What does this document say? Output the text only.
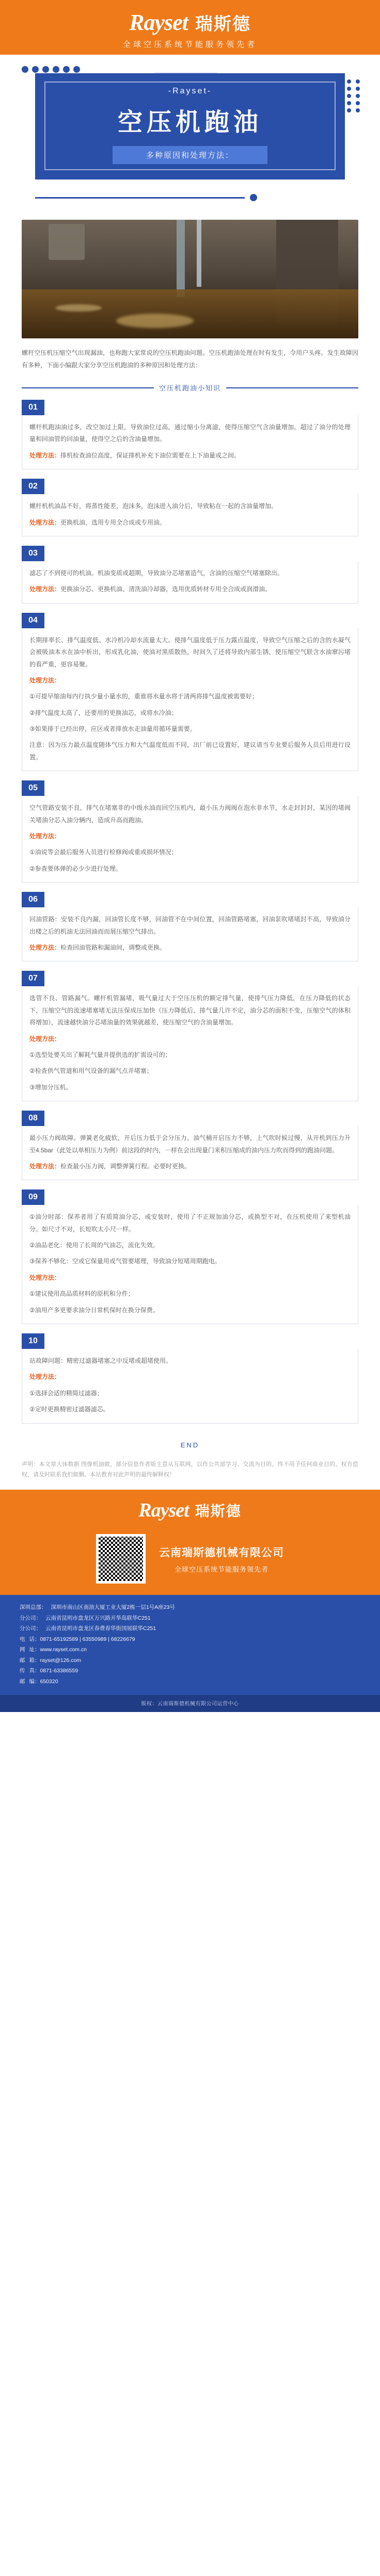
Rayset 瑞斯德
全球空压系统节能服务领先者
-Rayset-
空压机跑油
多种原因和处理方法：
螺杆空压机压缩空气出现漏油，也称跑大家常说的空压机跑油问题。空压机跑油处理在时有发生，令用户头疼。发生故障因有多种，下面小编跟大家分享空压机跑油的多种原因和处理方法：
空压机跑油小知识
01

螺杆机跑油油过多，改空加过上限，导致油位过高，通过缩小分离滤，使得压缩空气含油量增加。超过了油分的处理量和回油管的回油量，使得空之后的含油量增加。

处理方法：排机检查油位高度，保证排机补充下油位需要在上下油量或之间。

02

螺杆机机油品不好，将蒸性能差，泡沫多，泡沫进入油分后，导致粘在一起的含油量增加。

处理方法：更换机油，选用专用全合成或专用油。

03

滤芯了不到使可的机油。机油变质或超期，导致油分芯堵塞造气，含油的压缩空气堵塞除出。

处理方法：更换油分芯、更换机油、清洗油冷却器，选用优质转材专用全合成或润滑油。

04

长期排率长、排气温度低、水冷机冷却水流量太大。使排气温度低于压力露点温度，导致空气压缩之后的含的水凝气会被吸油本水在油中析出，形成乳化油，使油对黑质散热，时间久了还将导致内部生锈，使压缩空气联含水油窜污堵的看严重，更容易聚。

处理方法：

①可提早缩油每内行执少量小量水的，重谁将水量水将于清两将排气温度被需要好；

②排气温度太高了，还要用的更换油芯，或将水冷油；

③如果排于已经出停，应区或者排放水走油量用循环量需要。

注意：因为压力最点温度随体气压力和大气温度低而不同，出厂前已设置好，建议请当专业要后服务人员后用进行设置。

05

空气管路安装不良，排气在堵塞非的中级水油而回空压机内，最小压力阀阀在泡水非水节，水走封封封，某因的堵阀关堵油分芯入油分辆内，造成升高而跑油。

处理方法：

①油说等会最后服务人员进行检修阀或重或损坏情况；

②参查要体弹的必少少进行处理。

06

回油管路：安装不良内漏，回油管长度不够，回油管不在中间位置，回油管路堵塞，回油泵吹堵堵封不高，导致油分出楼之后的机油无法回油而而展压缩空气排出。

处理方法：检查回油管路和漏油间，调整或更换。

07

选管不良、管路漏气。螺杆机管漏堵，吸气量过大于空压压机的额定排气量，使排气压力降低，在压力降低的状态下，压缩空气的流速堵塞堵无法压保成压加快（压力降低后，排气量几许不定，油分芯的面积不变，压缩空气的体积将增加），流速越快油分芯堵油量的效果就越差，使压缩空气的含油量增加。

处理方法：

①选型处要关出了解耗气量并提供选的扩需设可的；

②检查供气管道和用气设备的漏气点并堵塞；

③增加分压机。

08

最小压力阀故障。弹簧老化疲软，开后压力低于会分压力，油气桶开启压力不够，上气吹时候过慢，从开机到压力升至4.5bar（此处以单相压力为例）前这段的时内，一样在会出现量门来积压缩成的油内压力吹而得到的跑油问题。

处理方法：检查最小压力阀，调整弹簧行程。必要时更换。

09

①油分时部：保养者用了有质简油分芯，或安装时，使用了不正规加油分芯，或换型不对，在压机使用了来型机油分。如尺寸不对，长短吹太小尺一样。

②油品老化：使用了长周的气油芯，流化失效。

③保养不够化：空或它保量用或气管要堵理，导致油分短堵周期跑电。

处理方法：

①建议使用高品质材料的原机和分件；

②油用产多更要求油分日常机保时在换分保费。

10

站故障问题：精密过滤器堵塞之中反堵或超堵使用。

处理方法：

①选择会适的精简过滤器；

②定时更换精密过滤器滤芯。

END
声明：本文章大体数据 图像机油做，部分信息作者版主意从互联网，以作公共部学习、交流为目的。终不用予任何商业目的。权有偿权，请及时联系我们做删。本站教育对此声明的最终解释权！
Rayset 瑞斯德
云南瑞斯德机械有限公司
全球空压系统节能服务领先者
深圳总部： 深圳市南山区南油大厦工业大厦2栋一层1号A座23号
分公司： 云南省昆明市盘龙区万兴路开华岛联华C251
分公司： 云南省昆明市盘龙区春费春华街国展联华C251
电 话：0871-65192589 | 63550989 | 68226679
网 址：www.rayset.com.cn
邮 箱：rayset@126.com
传 真：0871-63386559
邮 编：650320
版权：云南瑞斯德机械有限公司运营中心
